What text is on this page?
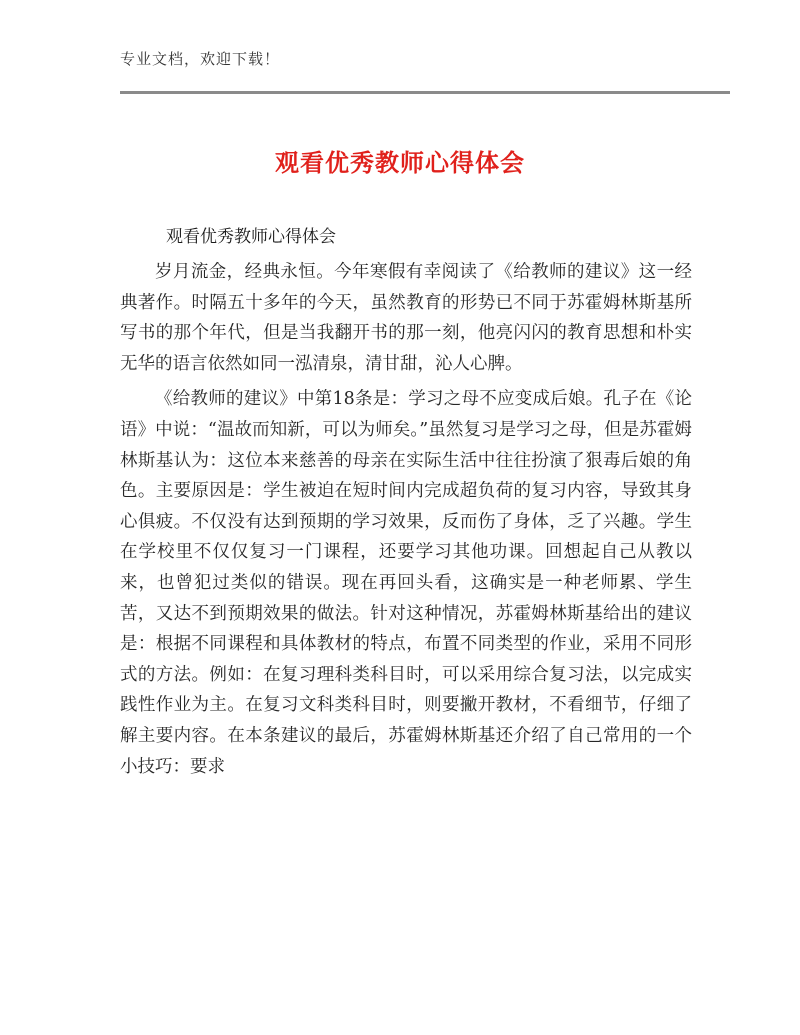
专业文档，欢迎下载！
观看优秀教师心得体会
观看优秀教师心得体会

岁月流金，经典永恒。今年寒假有幸阅读了《给教师的建议》这一经典著作。时隔五十多年的今天，虽然教育的形势已不同于苏霍姆林斯基所写书的那个年代，但是当我翻开书的那一刻，他亮闪闪的教育思想和朴实无华的语言依然如同一泓清泉，清甘甜，沁人心脾。

《给教师的建议》中第18条是：学习之母不应变成后娘。孔子在《论语》中说：“温故而知新，可以为师矣。”虽然复习是学习之母，但是苏霍姆林斯基认为：这位本来慈善的母亲在实际生活中往往扮演了狠毒后娘的角色。主要原因是：学生被迫在短时间内完成超负荷的复习内容，导致其身心俱疲。不仅没有达到预期的学习效果，反而伤了身体，乏了兴趣。学生在学校里不仅仅复习一门课程，还要学习其他功课。回想起自己从教以来，也曾犯过类似的错误。现在再回头看，这确实是一种老师累、学生苦，又达不到预期效果的做法。针对这种情况，苏霍姆林斯基给出的建议是：根据不同课程和具体教材的特点，布置不同类型的作业，采用不同形式的方法。例如：在复习理科类科目时，可以采用综合复习法，以完成实践性作业为主。在复习文科类科目时，则要撇开教材，不看细节，仔细了解主要内容。在本条建议的最后，苏霍姆林斯基还介绍了自己常用的一个小技巧：要求
